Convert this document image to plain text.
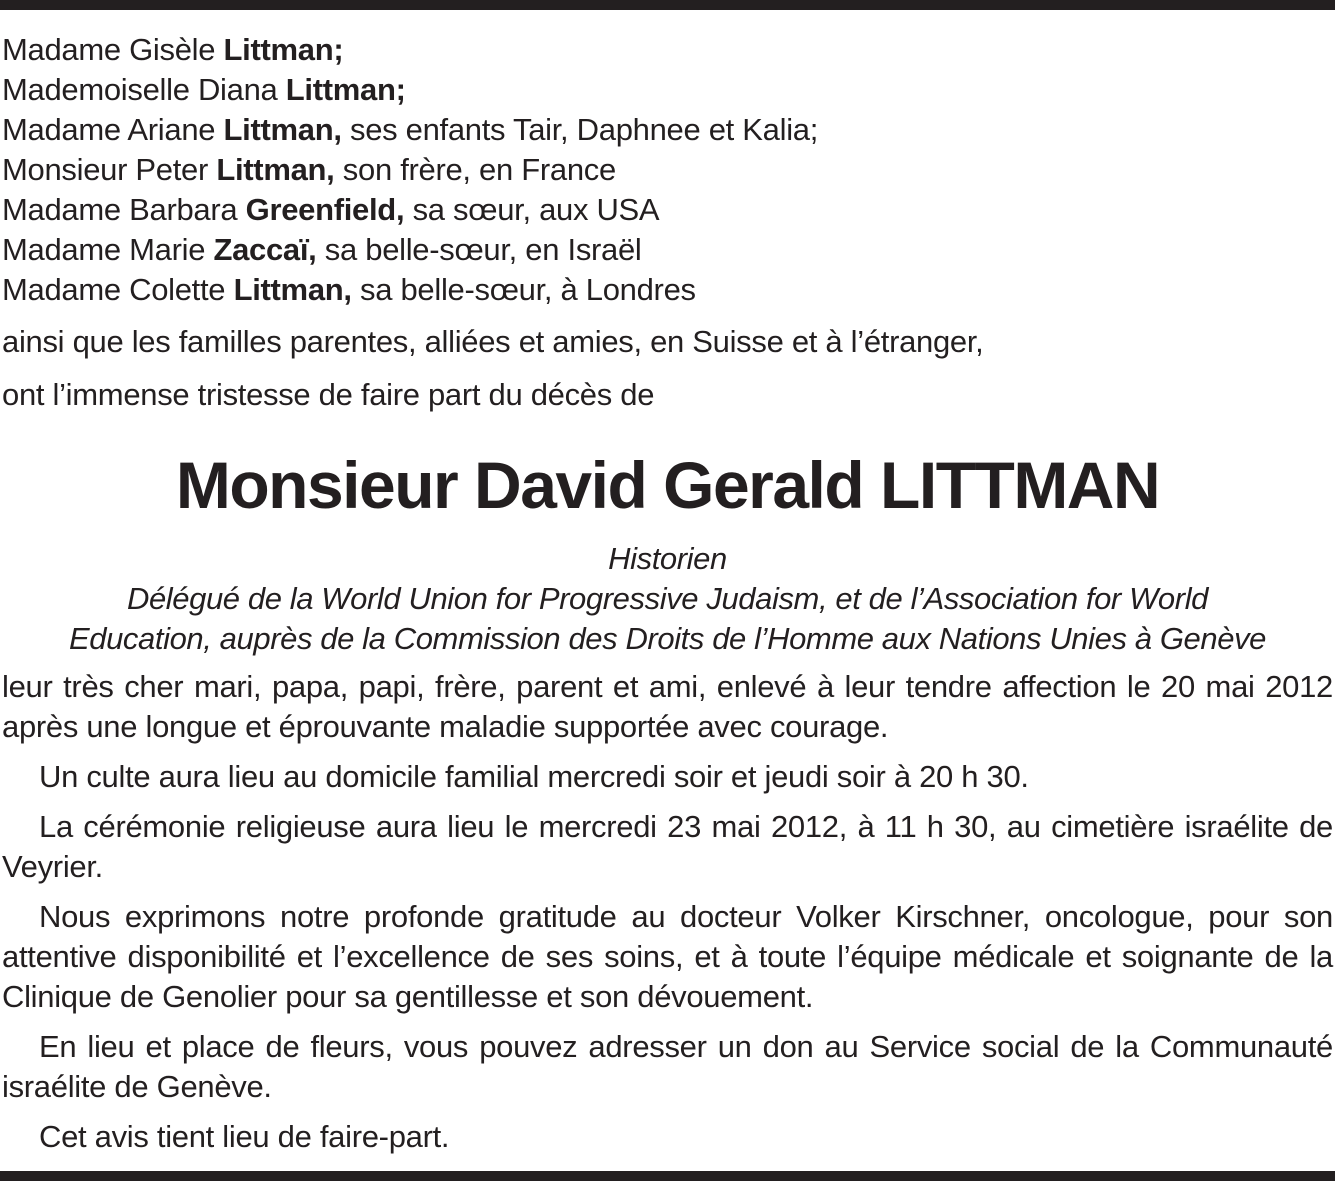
Madame Gisèle Littman;
Mademoiselle Diana Littman;
Madame Ariane Littman, ses enfants Tair, Daphnee et Kalia;
Monsieur Peter Littman, son frère, en France
Madame Barbara Greenfield, sa sœur, aux USA
Madame Marie Zaccaï, sa belle-sœur, en Israël
Madame Colette Littman, sa belle-sœur, à Londres
ainsi que les familles parentes, alliées et amies, en Suisse et à l’étranger,
ont l’immense tristesse de faire part du décès de
Monsieur David Gerald LITTMAN
Historien
Délégué de la World Union for Progressive Judaism, et de l’Association for World
Education, auprès de la Commission des Droits de l’Homme aux Nations Unies à Genève
leur très cher mari, papa, papi, frère, parent et ami, enlevé à leur tendre affection le 20 mai 2012 après une longue et éprouvante maladie supportée avec courage.
Un culte aura lieu au domicile familial mercredi soir et jeudi soir à 20 h 30.
La cérémonie religieuse aura lieu le mercredi 23 mai 2012, à 11 h 30, au cimetière israélite de Veyrier.
Nous exprimons notre profonde gratitude au docteur Volker Kirschner, oncologue, pour son attentive disponibilité et l’excellence de ses soins, et à toute l’équipe médicale et soignante de la Clinique de Genolier pour sa gentillesse et son dévouement.
En lieu et place de fleurs, vous pouvez adresser un don au Service social de la Communauté israélite de Genève.
Cet avis tient lieu de faire-part.
